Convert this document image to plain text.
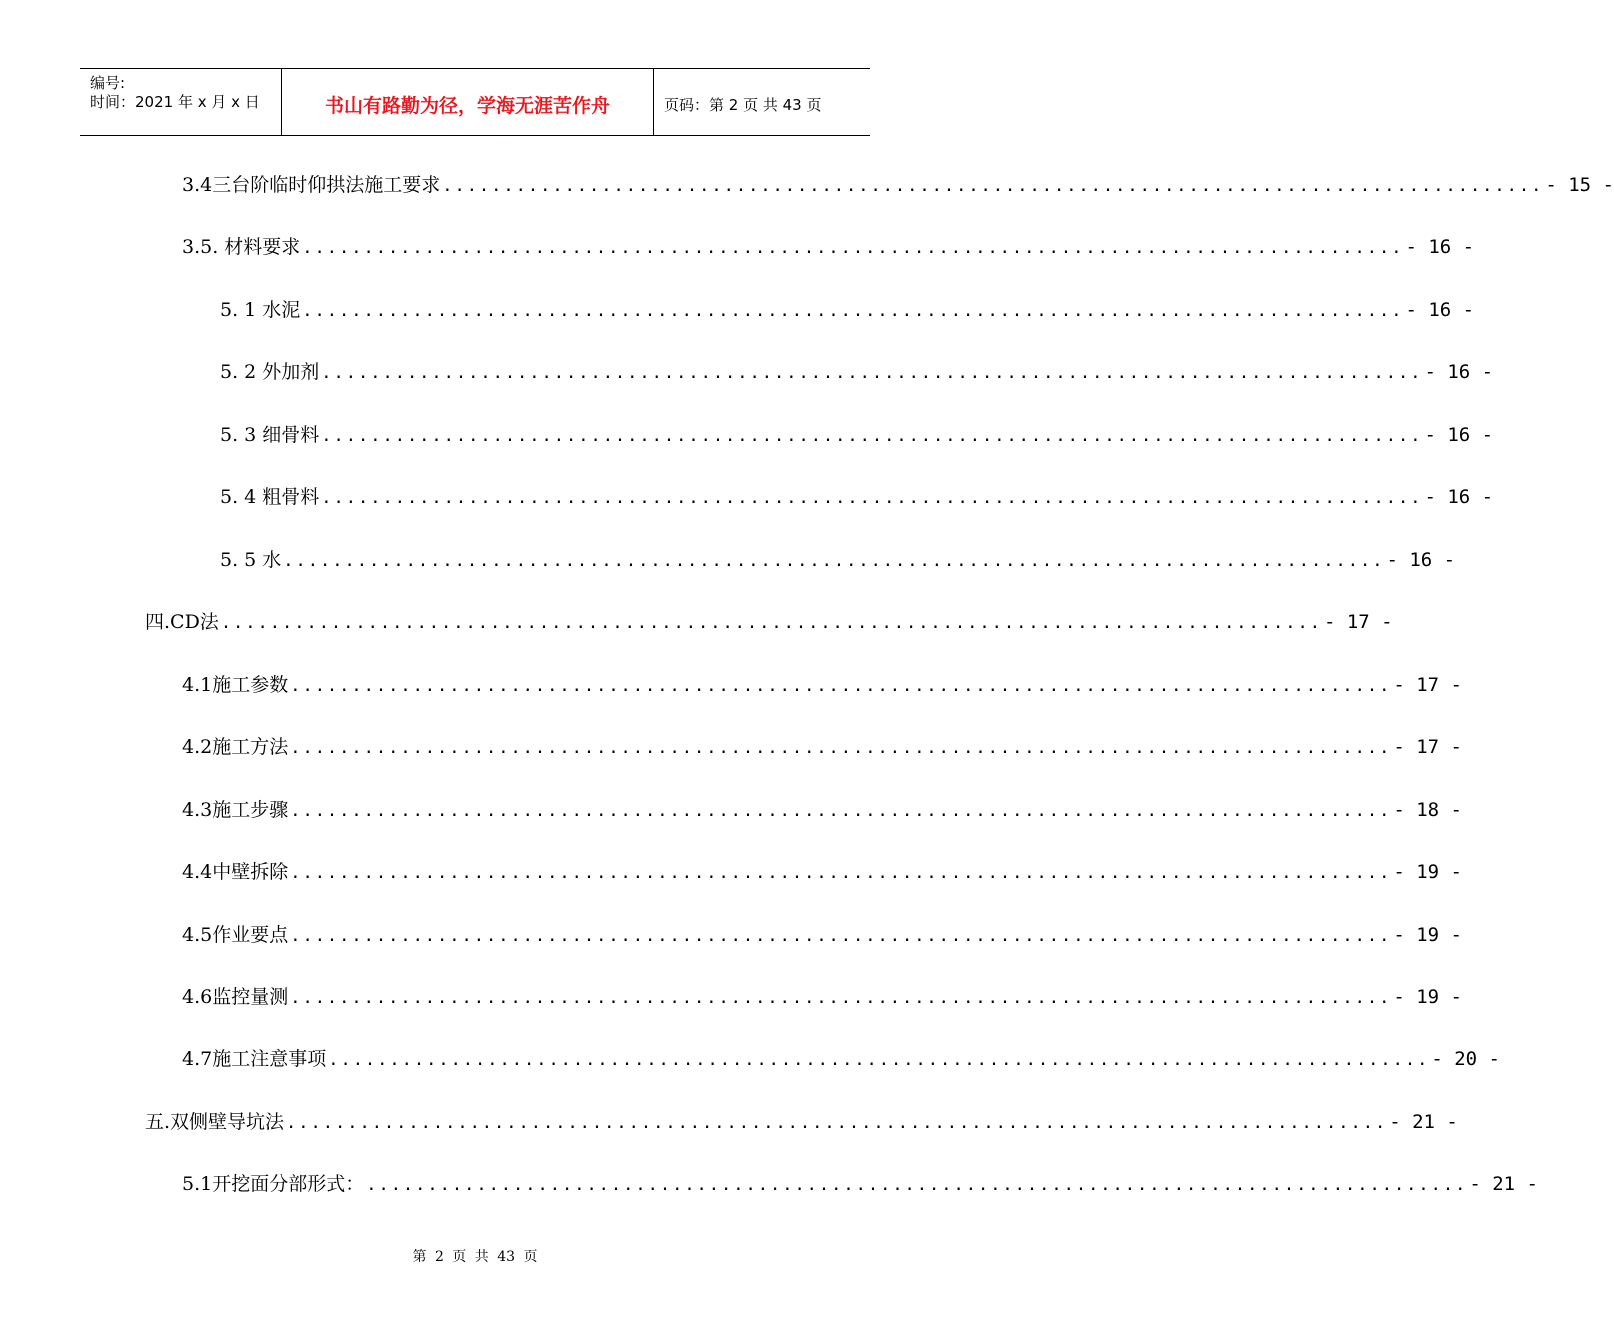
编号:
时间：2021 年 x 月 x 日	书山有路勤为径，学海无涯苦作舟	页码：第 2 页 共 43 页
3.4三台阶临时仰拱法施工要求 .......................................................................................... - 15 -
3.5. 材料要求 .......................................................................................... - 16 -
5. 1 水泥 .......................................................................................... - 16 -
5. 2 外加剂 .......................................................................................... - 16 -
5. 3 细骨料 .......................................................................................... - 16 -
5. 4 粗骨料 .......................................................................................... - 16 -
5. 5 水 .......................................................................................... - 16 -
四.CD法 .......................................................................................... - 17 -
4.1施工参数 .......................................................................................... - 17 -
4.2施工方法 .......................................................................................... - 17 -
4.3施工步骤 .......................................................................................... - 18 -
4.4中壁拆除 .......................................................................................... - 19 -
4.5作业要点 .......................................................................................... - 19 -
4.6监控量测 .......................................................................................... - 19 -
4.7施工注意事项 .......................................................................................... - 20 -
五.双侧壁导坑法 .......................................................................................... - 21 -
5.1开挖面分部形式： .......................................................................................... - 21 -
第 2 页 共 43 页
